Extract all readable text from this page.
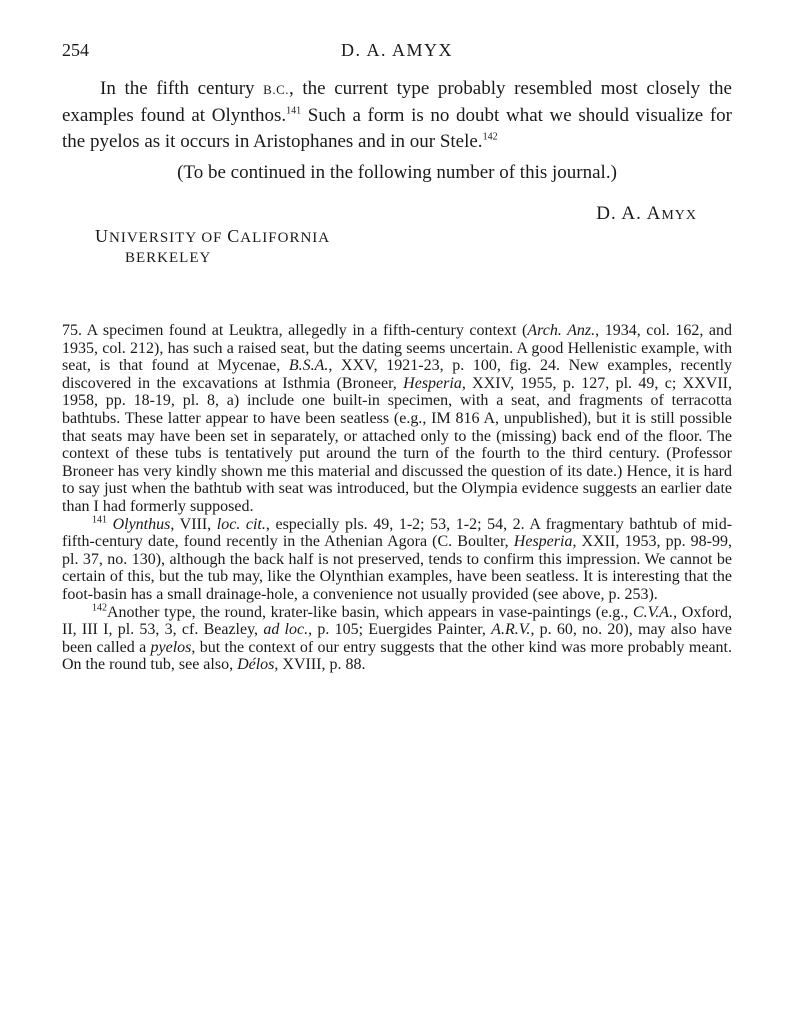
254	D. A. AMYX

In the fifth century B.C., the current type probably resembled most closely the examples found at Olynthos.$^{141}$ Such a form is no doubt what we should visualize for the pyelos as it occurs in Aristophanes and in our Stele.$^{142}$

(To be continued in the following number of this journal.)
D. A. AMYX
UNIVERSITY OF CALIFORNIA
BERKELEY

75. A specimen found at Leuktra, allegedly in a fifth-century context (Arch. Anz., 1934, col. 162, and 1935, col. 212), has such a raised seat, but the dating seems uncertain. A good Hellenistic example, with seat, is that found at Mycenae, B.S.A., XXV, 1921-23, p. 100, fig. 24. New examples, recently discovered in the excavations at Isthmia (Broneer, Hesperia, XXIV, 1955, p. 127, pl. 49, c; XXVII, 1958, pp. 18-19, pl. 8, a) include one built-in specimen, with a seat, and fragments of terracotta bathtubs. These latter appear to have been seatless (e.g., IM 816 A, unpublished), but it is still possible that seats may have been set in separately, or attached only to the (missing) back end of the floor. The context of these tubs is tentatively put around the turn of the fourth to the third century. (Professor Broneer has very kindly shown me this material and discussed the question of its date.) Hence, it is hard to say just when the bathtub with seat was introduced, but the Olympia evidence suggests an earlier date than I had formerly supposed.

$^{141}$ Olynthus, VIII, loc. cit., especially pls. 49, 1-2; 53, 1-2; 54, 2. A fragmentary bathtub of mid-fifth-century date, found recently in the Athenian Agora (C. Boulter, Hesperia, XXII, 1953, pp. 98-99, pl. 37, no. 130), although the back half is not preserved, tends to confirm this impression. We cannot be certain of this, but the tub may, like the Olynthian examples, have been seatless. It is interesting that the foot-basin has a small drainage-hole, a convenience not usually provided (see above, p. 253).

$^{142}$Another type, the round, krater-like basin, which appears in vase-paintings (e.g., C.V.A., Oxford, II, III I, pl. 53, 3, cf. Beazley, ad loc., p. 105; Euergides Painter, A.R.V., p. 60, no. 20), may also have been called a pyelos, but the context of our entry suggests that the other kind was more probably meant. On the round tub, see also, Délos, XVIII, p. 88.
